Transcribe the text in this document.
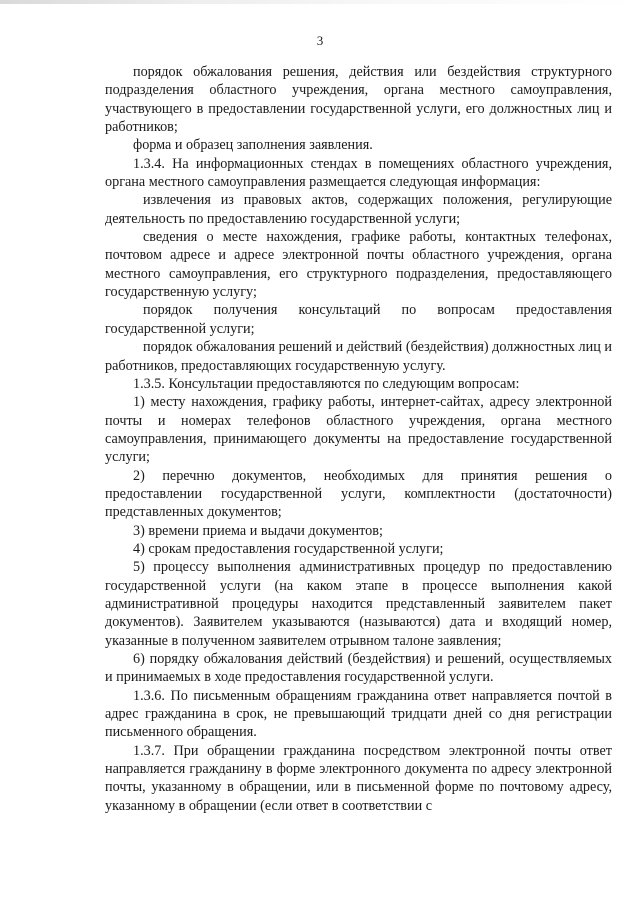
3

порядок обжалования решения, действия или бездействия структурного подразделения областного учреждения, органа местного самоуправления, участвующего в предоставлении государственной услуги, его должностных лиц и работников;

форма и образец заполнения заявления.

1.3.4. На информационных стендах в помещениях областного учреждения, органа местного самоуправления размещается следующая информация:

извлечения из правовых актов, содержащих положения, регулирующие деятельность по предоставлению государственной услуги;

сведения о месте нахождения, графике работы, контактных телефонах, почтовом адресе и адресе электронной почты областного учреждения, органа местного самоуправления, его структурного подразделения, предоставляющего государственную услугу;

порядок получения консультаций по вопросам предоставления государственной услуги;

порядок обжалования решений и действий (бездействия) должностных лиц и работников, предоставляющих государственную услугу.

1.3.5. Консультации предоставляются по следующим вопросам:

1) месту нахождения, графику работы, интернет-сайтах, адресу электронной почты и номерах телефонов областного учреждения, органа местного самоуправления, принимающего документы на предоставление государственной услуги;

2) перечню документов, необходимых для принятия решения о предоставлении государственной услуги, комплектности (достаточности) представленных документов;

3) времени приема и выдачи документов;

4) срокам предоставления государственной услуги;

5) процессу выполнения административных процедур по предоставлению государственной услуги (на каком этапе в процессе выполнения какой административной процедуры находится представленный заявителем пакет документов). Заявителем указываются (называются) дата и входящий номер, указанные в полученном заявителем отрывном талоне заявления;

6) порядку обжалования действий (бездействия) и решений, осуществляемых и принимаемых в ходе предоставления государственной услуги.

1.3.6. По письменным обращениям гражданина ответ направляется почтой в адрес гражданина в срок, не превышающий тридцати дней со дня регистрации письменного обращения.

1.3.7. При обращении гражданина посредством электронной почты ответ направляется гражданину в форме электронного документа по адресу электронной почты, указанному в обращении, или в письменной форме по почтовому адресу, указанному в обращении (если ответ в соответствии с
